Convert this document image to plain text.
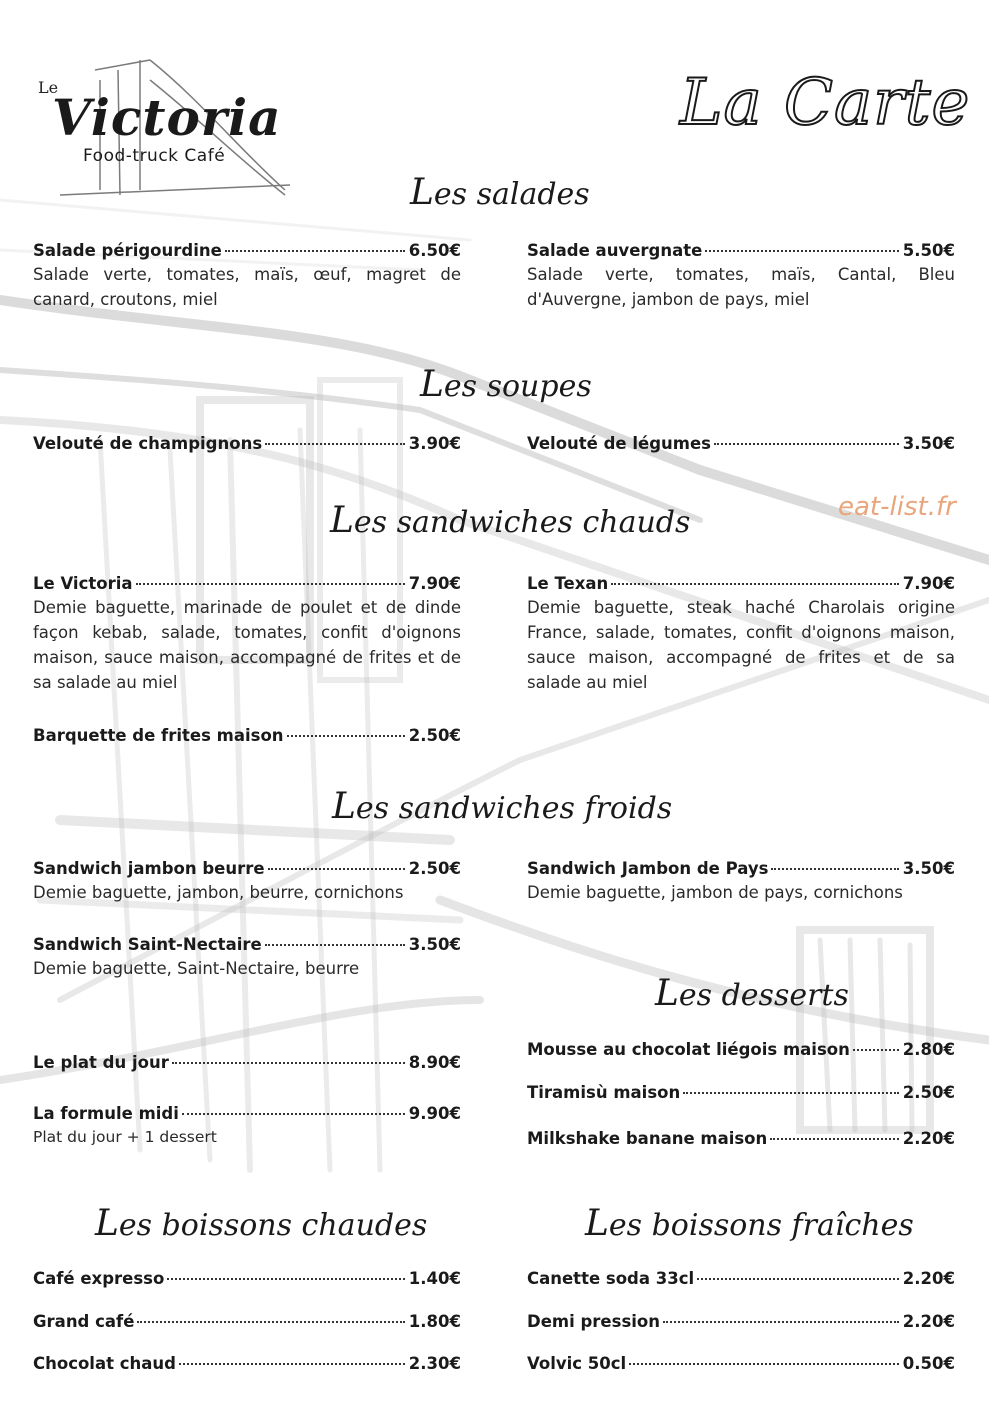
Le
Victoria
Food-truck Café
La Carte
eat-list.fr
Les salades
Les soupes
Les sandwiches chauds
Les sandwiches froids
Les desserts
Les boissons chaudes	Les boissons fraîches
Salade périgourdine	6.50€
Salade verte, tomates, maïs, œuf, magret de canard, croutons, miel
Salade auvergnate	5.50€
Salade verte, tomates, maïs, Cantal, Bleu d'Auvergne, jambon de pays, miel
Velouté de champignons	3.90€	Velouté de légumes	3.50€
Le Victoria	7.90€
Demie baguette, marinade de poulet et de dinde façon kebab, salade, tomates, confit d'oignons maison, sauce maison, accompagné de frites et de sa salade au miel
Le Texan	7.90€
Demie baguette, steak haché Charolais origine France, salade, tomates, confit d'oignons maison, sauce maison, accompagné de frites et de sa salade au miel
Barquette de frites maison	2.50€
Sandwich jambon beurre	2.50€
Demie baguette, jambon, beurre, cornichons
Sandwich Jambon de Pays	3.50€
Demie baguette, jambon de pays, cornichons
Sandwich Saint-Nectaire	3.50€
Demie baguette, Saint-Nectaire, beurre
Le plat du jour	8.90€
La formule midi	9.90€
Plat du jour + 1 dessert
Mousse au chocolat liégois maison	2.80€
Tiramisù maison	2.50€
Milkshake banane maison	2.20€
Café expresso	1.40€
Grand café	1.80€
Chocolat chaud	2.30€
Canette soda 33cl	2.20€
Demi pression	2.20€
Volvic 50cl	0.50€
